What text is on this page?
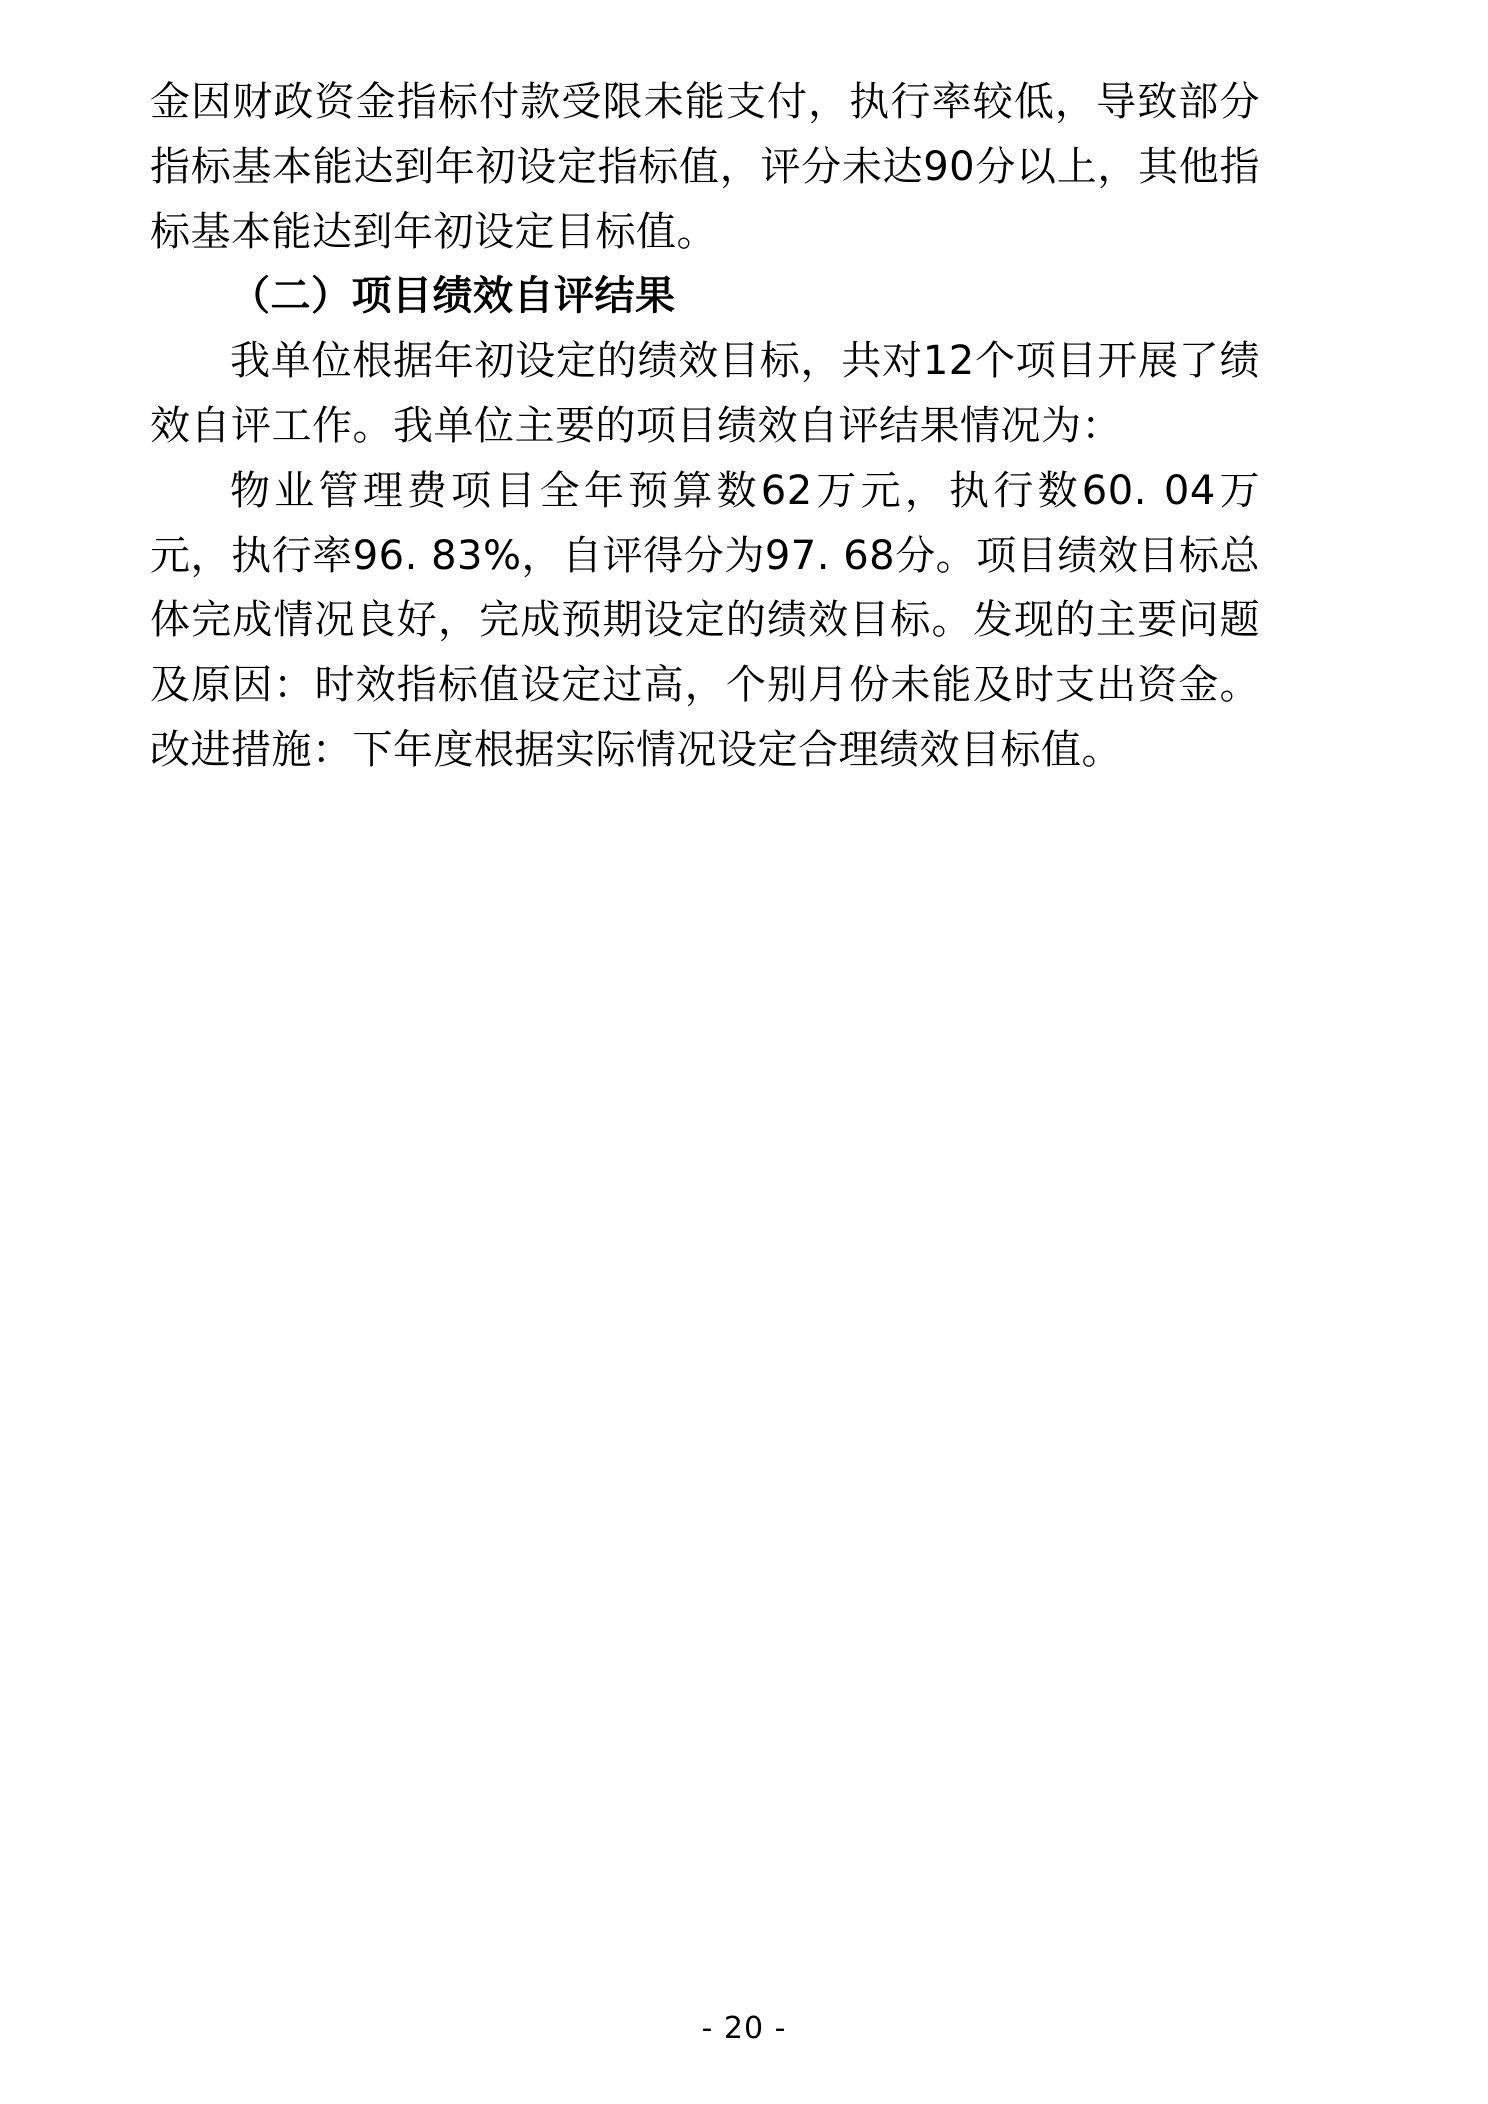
金因财政资金指标付款受限未能支付，执行率较低，导致部分指标基本能达到年初设定指标值，评分未达90分以上，其他指标基本能达到年初设定目标值。

（二）项目绩效自评结果

我单位根据年初设定的绩效目标，共对12个项目开展了绩效自评工作。我单位主要的项目绩效自评结果情况为：

物业管理费项目全年预算数62万元，执行数60. 04万元，执行率96. 83%，自评得分为97. 68分。项目绩效目标总体完成情况良好，完成预期设定的绩效目标。发现的主要问题及原因：时效指标值设定过高，个别月份未能及时支出资金。改进措施：下年度根据实际情况设定合理绩效目标值。

- 20 -
